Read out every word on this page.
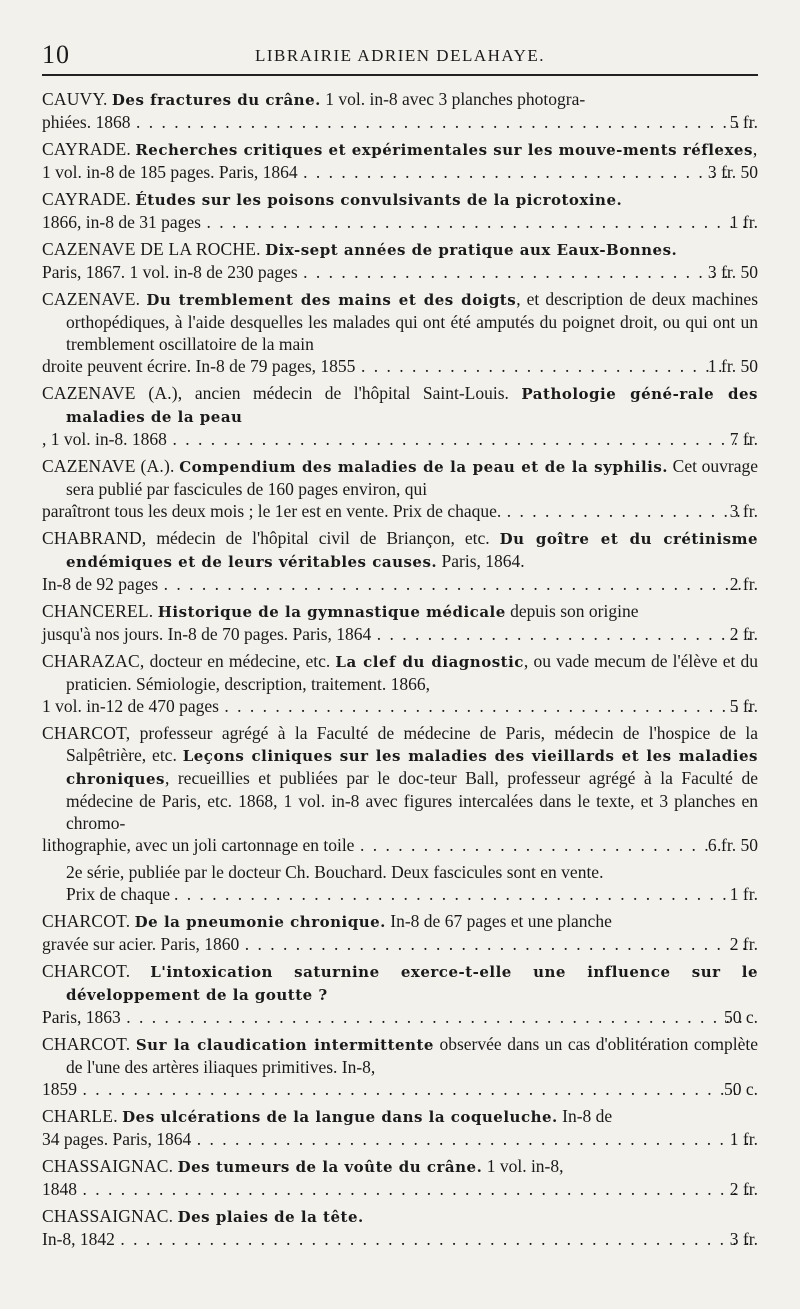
10	LIBRAIRIE ADRIEN DELAHAYE.
CAUVY. Des fractures du crâne. 1 vol. in-8 avec 3 planches photogra-
phiées. 1868 . . .	5 fr.
CAYRADE. Recherches critiques et expérimentales sur les mouve-ments réflexes,
1 vol. in-8 de 185 pages. Paris, 1864 . . .	3 fr. 50
CAYRADE. Études sur les poisons convulsivants de la picrotoxine.
1866, in-8 de 31 pages . . .	1 fr.
CAZENAVE DE LA ROCHE. Dix-sept années de pratique aux Eaux-Bonnes.
Paris, 1867. 1 vol. in-8 de 230 pages . . .	3 fr. 50
CAZENAVE. Du tremblement des mains et des doigts, et description de deux machines orthopédiques, à l'aide desquelles les malades qui ont été amputés du poignet droit, ou qui ont un tremblement oscillatoire de la main
droite peuvent écrire. In-8 de 79 pages, 1855 . . .	1 fr. 50
CAZENAVE (A.), ancien médecin de l'hôpital Saint-Louis. Pathologie géné-rale des maladies de la peau
, 1 vol. in-8. 1868 . . .	7 fr.
CAZENAVE (A.). Compendium des maladies de la peau et de la syphilis. Cet ouvrage sera publié par fascicules de 160 pages environ, qui
paraîtront tous les deux mois ; le 1er est en vente. Prix de chaque. . . .	3 fr.
CHABRAND, médecin de l'hôpital civil de Briançon, etc. Du goître et du crétinisme endémiques et de leurs véritables causes. Paris, 1864.
In-8 de 92 pages . . .	2 fr.
CHANCEREL. Historique de la gymnastique médicale depuis son origine
jusqu'à nos jours. In-8 de 70 pages. Paris, 1864 . . .	2 fr.
CHARAZAC, docteur en médecine, etc. La clef du diagnostic, ou vade mecum de l'élève et du praticien. Sémiologie, description, traitement. 1866,
1 vol. in-12 de 470 pages . . .	5 fr.
CHARCOT, professeur agrégé à la Faculté de médecine de Paris, médecin de l'hospice de la Salpêtrière, etc. Leçons cliniques sur les maladies des vieillards et les maladies chroniques, recueillies et publiées par le doc-teur Ball, professeur agrégé à la Faculté de médecine de Paris, etc. 1868, 1 vol. in-8 avec figures intercalées dans le texte, et 3 planches en chromo-
lithographie, avec un joli cartonnage en toile . . .	6 fr. 50
2e série, publiée par le docteur Ch. Bouchard. Deux fascicules sont en vente.
Prix de chaque . . .	1 fr.
CHARCOT. De la pneumonie chronique. In-8 de 67 pages et une planche
gravée sur acier. Paris, 1860 . . .	2 fr.
CHARCOT. L'intoxication saturnine exerce-t-elle une influence sur le développement de la goutte ?
Paris, 1863 . . .	50 c.
CHARCOT. Sur la claudication intermittente observée dans un cas d'oblitération complète de l'une des artères iliaques primitives. In-8,
1859 . . .	50 c.
CHARLE. Des ulcérations de la langue dans la coqueluche. In-8 de
34 pages. Paris, 1864 . . .	1 fr.
CHASSAIGNAC. Des tumeurs de la voûte du crâne. 1 vol. in-8,
1848 . . .	2 fr.
CHASSAIGNAC. Des plaies de la tête.
In-8, 1842 . . .	3 fr.
